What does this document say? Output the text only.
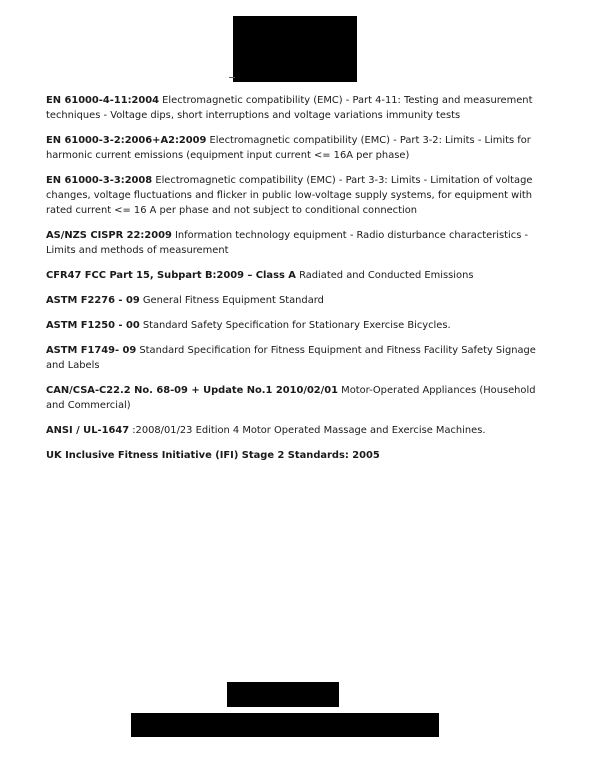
EN 61000-4-11:2004 Electromagnetic compatibility (EMC) - Part 4-11: Testing and measurement techniques - Voltage dips, short interruptions and voltage variations immunity tests

EN 61000-3-2:2006+A2:2009 Electromagnetic compatibility (EMC) - Part 3-2: Limits - Limits for harmonic current emissions (equipment input current <= 16A per phase)

EN 61000-3-3:2008 Electromagnetic compatibility (EMC) - Part 3-3: Limits - Limitation of voltage changes, voltage fluctuations and flicker in public low-voltage supply systems, for equipment with rated current <= 16 A per phase and not subject to conditional connection

AS/NZS CISPR 22:2009 Information technology equipment - Radio disturbance characteristics - Limits and methods of measurement

CFR47 FCC Part 15, Subpart B:2009 – Class A Radiated and Conducted Emissions

ASTM F2276 - 09 General Fitness Equipment Standard

ASTM F1250 - 00 Standard Safety Specification for Stationary Exercise Bicycles.

ASTM F1749- 09 Standard Specification for Fitness Equipment and Fitness Facility Safety Signage and Labels

CAN/CSA-C22.2 No. 68-09 + Update No.1 2010/02/01 Motor-Operated Appliances (Household and Commercial)

ANSI / UL-1647 :2008/01/23 Edition 4 Motor Operated Massage and Exercise Machines.

UK Inclusive Fitness Initiative (IFI) Stage 2 Standards: 2005
